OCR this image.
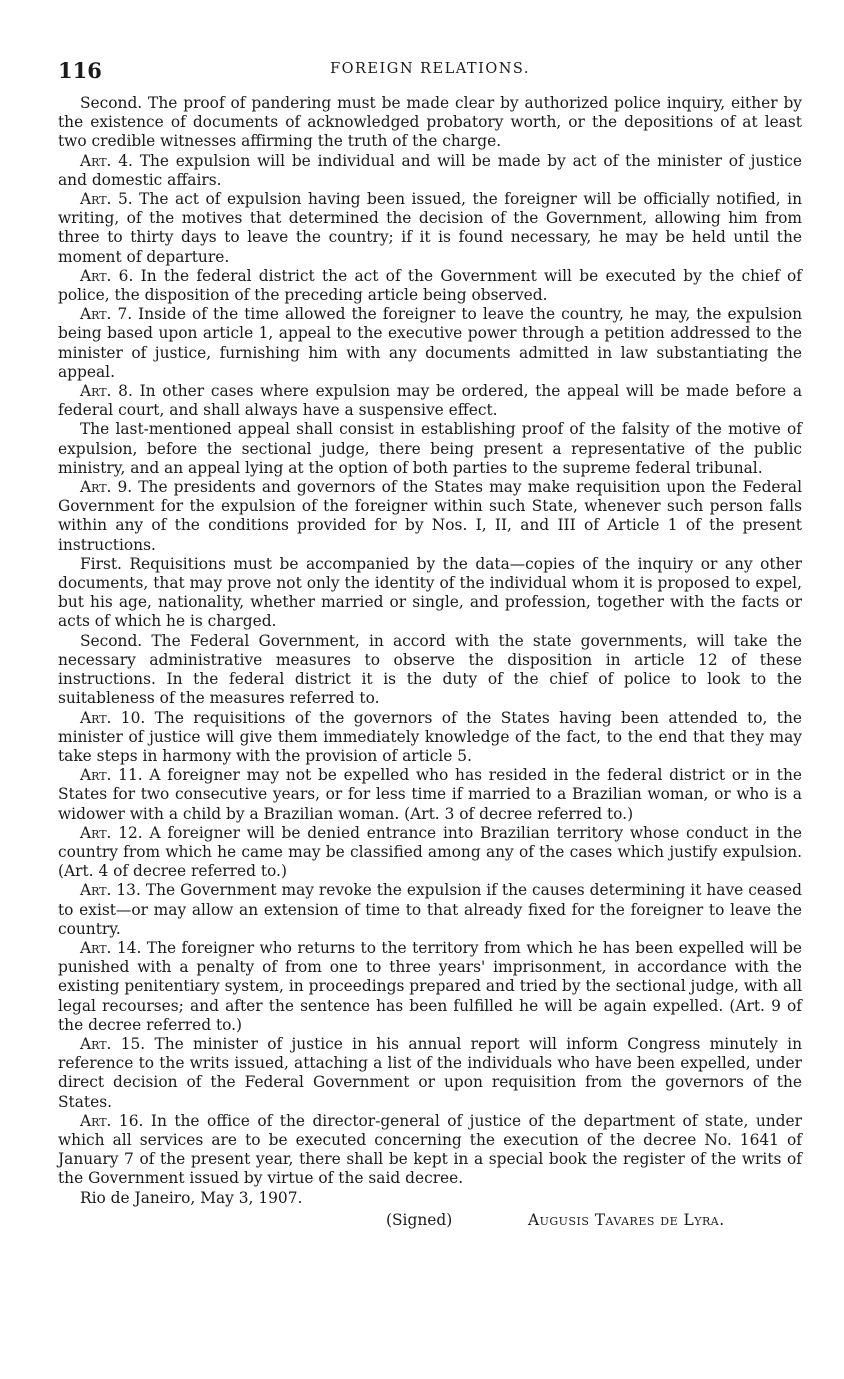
116	FOREIGN RELATIONS.

Second. The proof of pandering must be made clear by authorized police inquiry, either by the existence of documents of acknowledged probatory worth, or the depositions of at least two credible witnesses affirming the truth of the charge.

Art. 4. The expulsion will be individual and will be made by act of the minister of justice and domestic affairs.

Art. 5. The act of expulsion having been issued, the foreigner will be officially notified, in writing, of the motives that determined the decision of the Government, allowing him from three to thirty days to leave the country; if it is found necessary, he may be held until the moment of departure.

Art. 6. In the federal district the act of the Government will be executed by the chief of police, the disposition of the preceding article being observed.

Art. 7. Inside of the time allowed the foreigner to leave the country, he may, the expulsion being based upon article 1, appeal to the executive power through a petition addressed to the minister of justice, furnishing him with any documents admitted in law substantiating the appeal.

Art. 8. In other cases where expulsion may be ordered, the appeal will be made before a federal court, and shall always have a suspensive effect.

The last-mentioned appeal shall consist in establishing proof of the falsity of the motive of expulsion, before the sectional judge, there being present a representative of the public ministry, and an appeal lying at the option of both parties to the supreme federal tribunal.

Art. 9. The presidents and governors of the States may make requisition upon the Federal Government for the expulsion of the foreigner within such State, whenever such person falls within any of the conditions provided for by Nos. I, II, and III of Article 1 of the present instructions.

First. Requisitions must be accompanied by the data—copies of the inquiry or any other documents, that may prove not only the identity of the individual whom it is proposed to expel, but his age, nationality, whether married or single, and profession, together with the facts or acts of which he is charged.

Second. The Federal Government, in accord with the state governments, will take the necessary administrative measures to observe the disposition in article 12 of these instructions. In the federal district it is the duty of the chief of police to look to the suitableness of the measures referred to.

Art. 10. The requisitions of the governors of the States having been attended to, the minister of justice will give them immediately knowledge of the fact, to the end that they may take steps in harmony with the provision of article 5.

Art. 11. A foreigner may not be expelled who has resided in the federal district or in the States for two consecutive years, or for less time if married to a Brazilian woman, or who is a widower with a child by a Brazilian woman. (Art. 3 of decree referred to.)

Art. 12. A foreigner will be denied entrance into Brazilian territory whose conduct in the country from which he came may be classified among any of the cases which justify expulsion. (Art. 4 of decree referred to.)

Art. 13. The Government may revoke the expulsion if the causes determining it have ceased to exist—or may allow an extension of time to that already fixed for the foreigner to leave the country.

Art. 14. The foreigner who returns to the territory from which he has been expelled will be punished with a penalty of from one to three years' imprisonment, in accordance with the existing penitentiary system, in proceedings prepared and tried by the sectional judge, with all legal recourses; and after the sentence has been fulfilled he will be again expelled. (Art. 9 of the decree referred to.)

Art. 15. The minister of justice in his annual report will inform Congress minutely in reference to the writs issued, attaching a list of the individuals who have been expelled, under direct decision of the Federal Government or upon requisition from the governors of the States.

Art. 16. In the office of the director-general of justice of the department of state, under which all services are to be executed concerning the execution of the decree No. 1641 of January 7 of the present year, there shall be kept in a special book the register of the writs of the Government issued by virtue of the said decree.

Rio de Janeiro, May 3, 1907.

(Signed)	Augusis Tavares de Lyra.
